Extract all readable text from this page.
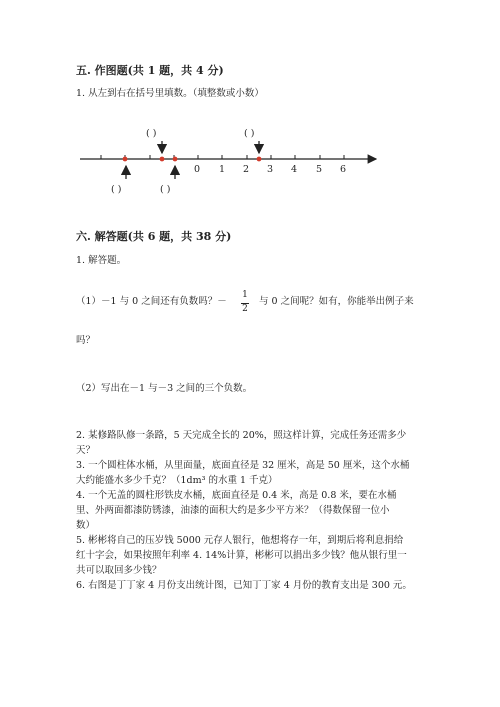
五. 作图题(共 1 题，共 4 分)
1. 从左到右在括号里填数。（填整数或小数）
0 1 2 3 4 5 6
( )	( )
( )	( )
六. 解答题(共 6 题，共 38 分)
1. 解答题。
（1）－1 与 0 之间还有负数吗？－
1
2
与 0 之间呢？如有，你能举出例子来
吗？
（2）写出在－1 与－3 之间的三个负数。
2. 某修路队修一条路，5 天完成全长的 20%，照这样计算，完成任务还需多少
天？
3. 一个圆柱体水桶，从里面量，底面直径是 32 厘米，高是 50 厘米，这个水桶
大约能盛水多少千克？（1dm³ 的水重 1 千克）
4. 一个无盖的圆柱形铁皮水桶，底面直径是 0.4 米，高是 0.8 米，要在水桶
里、外两面都漆防锈漆，油漆的面积大约是多少平方米？（得数保留一位小
数）
5. 彬彬将自己的压岁钱 5000 元存人银行，他想将存一年，到期后将利息捐给
红十字会，如果按照年利率 4. 14%计算，彬彬可以捐出多少钱？他从银行里一
共可以取回多少钱？
6. 右图是丁丁家 4 月份支出统计图，已知丁丁家 4 月份的教育支出是 300 元。
